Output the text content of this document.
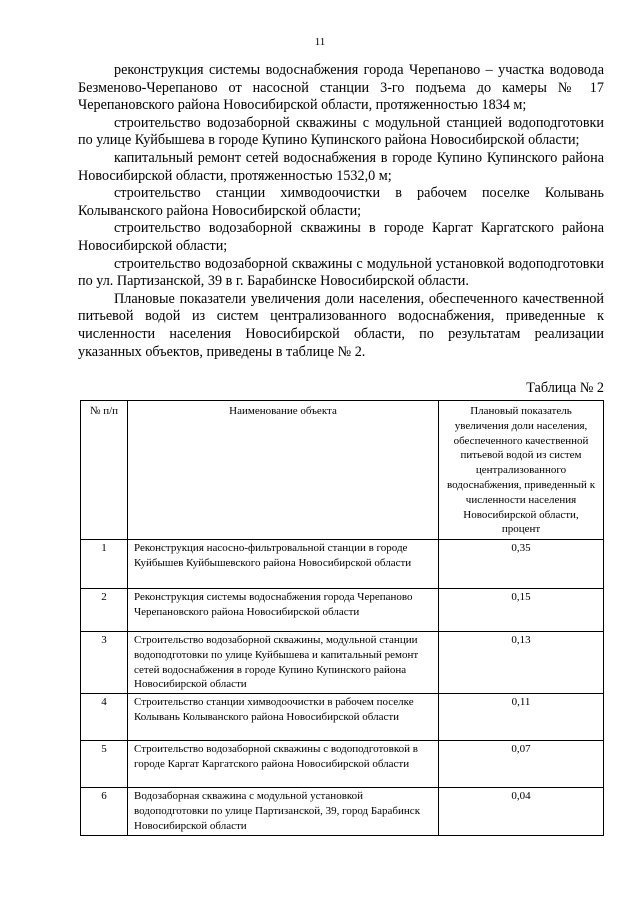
11

реконструкция системы водоснабжения города Черепаново – участка водовода Безменово-Черепаново от насосной станции 3-го подъема до камеры № 17 Черепановского района Новосибирской области, протяженностью 1834 м;

строительство водозаборной скважины с модульной станцией водоподготовки по улице Куйбышева в городе Купино Купинского района Новосибирской области;

капитальный ремонт сетей водоснабжения в городе Купино Купинского района Новосибирской области, протяженностью 1532,0 м;

строительство станции химводоочистки в рабочем поселке Колывань Колыванского района Новосибирской области;

строительство водозаборной скважины в городе Каргат Каргатского района Новосибирской области;

строительство водозаборной скважины с модульной установкой водоподготовки по ул. Партизанской, 39 в г. Барабинске Новосибирской области.

Плановые показатели увеличения доли населения, обеспеченного качественной питьевой водой из систем централизованного водоснабжения, приведенные к численности населения Новосибирской области, по результатам реализации указанных объектов, приведены в таблице № 2.

Таблица № 2
№ п/п	Наименование объекта	Плановый показатель увеличения доли населения, обеспеченного качественной питьевой водой из систем централизованного водоснабжения, приведенный к численности населения Новосибирской области, процент
1	Реконструкция насосно-фильтровальной станции в городе Куйбышев Куйбышевского района Новосибирской области	0,35
2	Реконструкция системы водоснабжения города Черепаново Черепановского района Новосибирской области	0,15
3	Строительство водозаборной скважины, модульной станции водоподготовки по улице Куйбышева и капитальный ремонт сетей водоснабжения в городе Купино Купинского района Новосибирской области	0,13
4	Строительство станции химводоочистки в рабочем поселке Колывань Колыванского района Новосибирской области	0,11
5	Строительство водозаборной скважины с водоподготовкой в городе Каргат Каргатского района Новосибирской области	0,07
6	Водозаборная скважина с модульной установкой водоподготовки по улице Партизанской, 39, город Барабинск Новосибирской области	0,04
